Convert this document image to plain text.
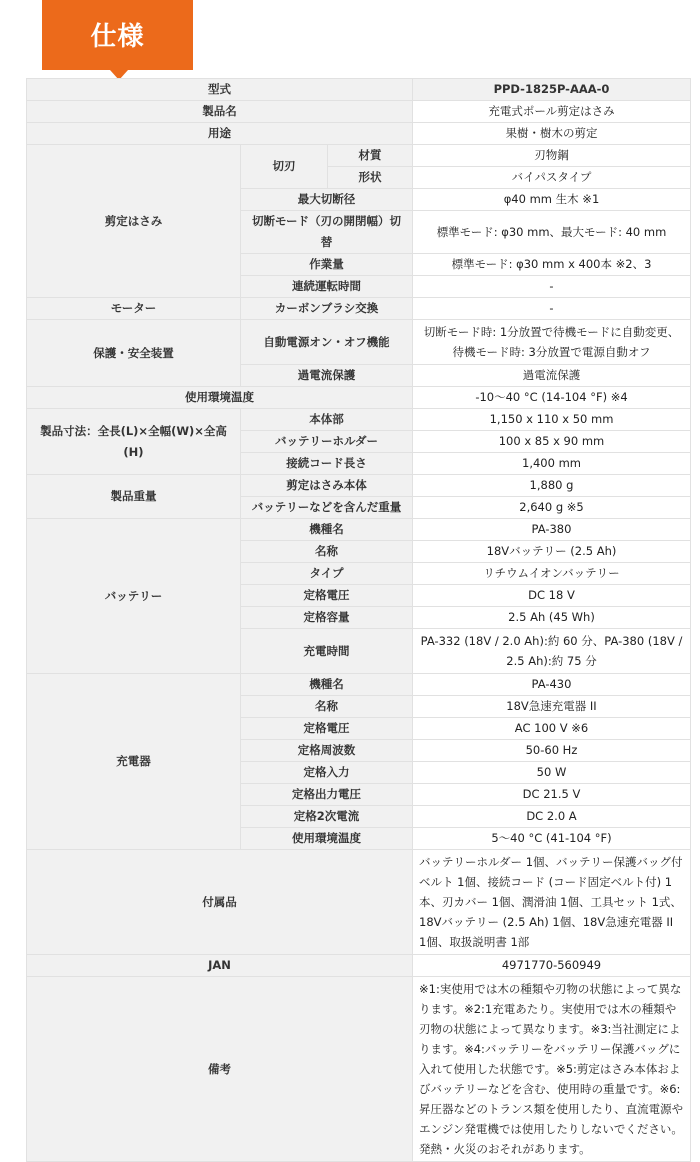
仕様
型式			PPD-1825P-AAA-0
製品名			充電式ポール剪定はさみ
用途			果樹・樹木の剪定
剪定はさみ	切刃	材質	刃物鋼
		形状	バイパスタイプ
	最大切断径		φ40 mm 生木 ※1
	切断モード（刃の開閉幅）切替		標準モード: φ30 mm、最大モード: 40 mm
	作業量		標準モード: φ30 mm x 400本 ※2、3
	連続運転時間		-
モーター	カーボンブラシ交換		-
保護・安全装置	自動電源オン・オフ機能		切断モード時: 1分放置で待機モードに自動変更、待機モード時: 3分放置で電源自動オフ
	過電流保護		過電流保護
使用環境温度			-10〜40 °C (14-104 °F) ※4
製品寸法：全長(L)×全幅(W)×全高(H)	本体部		1,150 x 110 x 50 mm
	バッテリーホルダー		100 x 85 x 90 mm
	接続コード長さ		1,400 mm
製品重量	剪定はさみ本体		1,880 g
	バッテリーなどを含んだ重量		2,640 g ※5
バッテリー	機種名		PA-380
	名称		18Vバッテリー (2.5 Ah)
	タイプ		リチウムイオンバッテリー
	定格電圧		DC 18 V
	定格容量		2.5 Ah (45 Wh)
	充電時間		PA-332 (18V / 2.0 Ah):約 60 分、PA-380 (18V / 2.5 Ah):約 75 分
充電器	機種名		PA-430
	名称		18V急速充電器 II
	定格電圧		AC 100 V ※6
	定格周波数		50-60 Hz
	定格入力		50 W
	定格出力電圧		DC 21.5 V
	定格2次電流		DC 2.0 A
	使用環境温度		5〜40 °C (41-104 °F)
付属品			バッテリーホルダー 1個、バッテリー保護バッグ付ベルト 1個、接続コード (コード固定ベルト付) 1本、刃カバー 1個、潤滑油 1個、工具セット 1式、18Vバッテリー (2.5 Ah) 1個、18V急速充電器 II 1個、取扱説明書 1部
JAN			4971770-560949
備考			※1:実使用では木の種類や刃物の状態によって異なります。※2:1充電あたり。実使用では木の種類や刃物の状態によって異なります。※3:当社測定によります。※4:バッテリーをバッテリー保護バッグに入れて使用した状態です。※5:剪定はさみ本体およびバッテリーなどを含む、使用時の重量です。※6:昇圧器などのトランス類を使用したり、直流電源やエンジン発電機では使用したりしないでください。発熱・火災のおそれがあります。
